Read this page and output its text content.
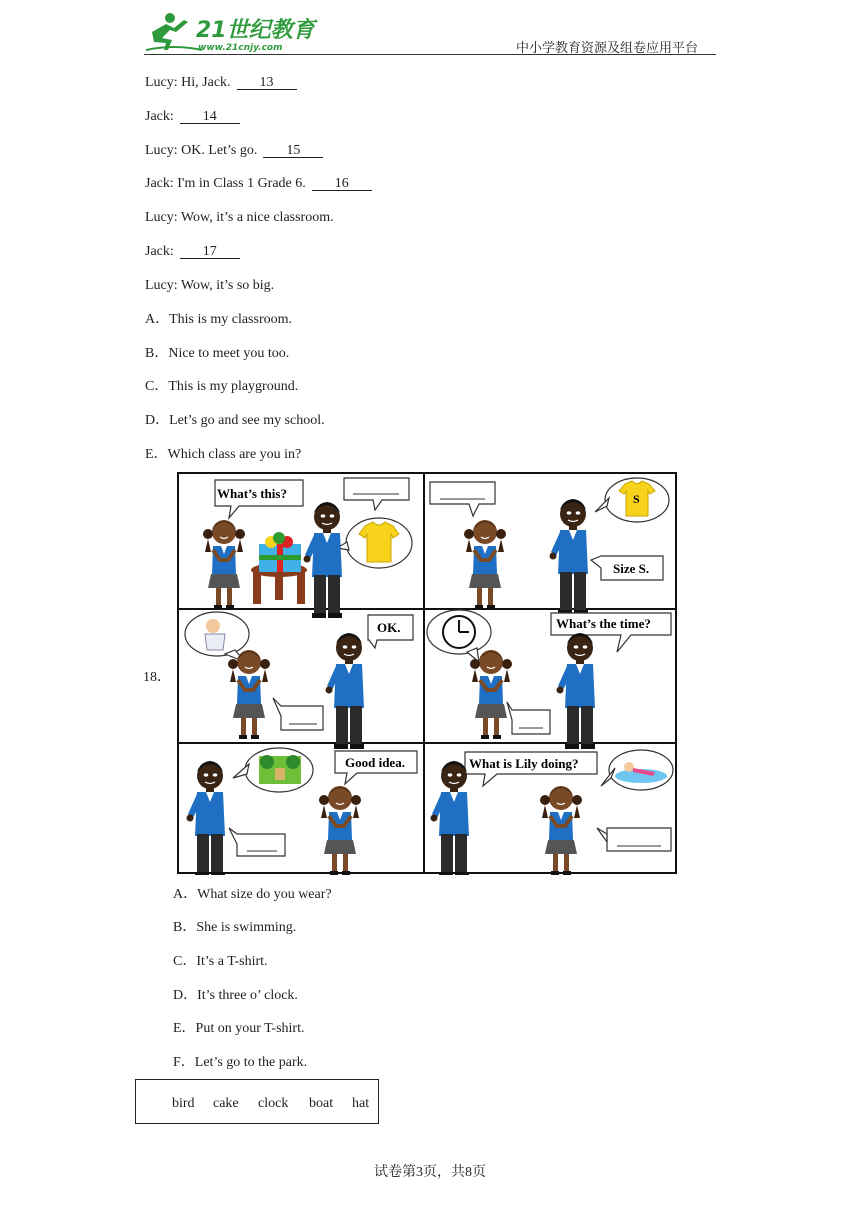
21世纪教育
www.21cnjy.com	中小学教育资源及组卷应用平台
Lucy: Hi, Jack. 13
Jack: 14
Lucy: OK. Let’s go. 15
Jack: I'm in Class 1 Grade 6. 16
Lucy: Wow, it’s a nice classroom.
Jack: 17
Lucy: Wow, it’s so big.
A．This is my classroom.
B．Nice to meet you too.
C．This is my playground.
D．Let’s go and see my school.
E．Which class are you in?
18．
What’s this?	S
Size S.
OK.	What’s the time?
Good idea.	What is Lily doing?
A．What size do you wear?
B．She is swimming.
C．It’s a T-shirt.
D．It’s three o’ clock.
E．Put on your T-shirt.
F．Let’s go to the park.
bird cake clock boat hat
试卷第3页，共8页
